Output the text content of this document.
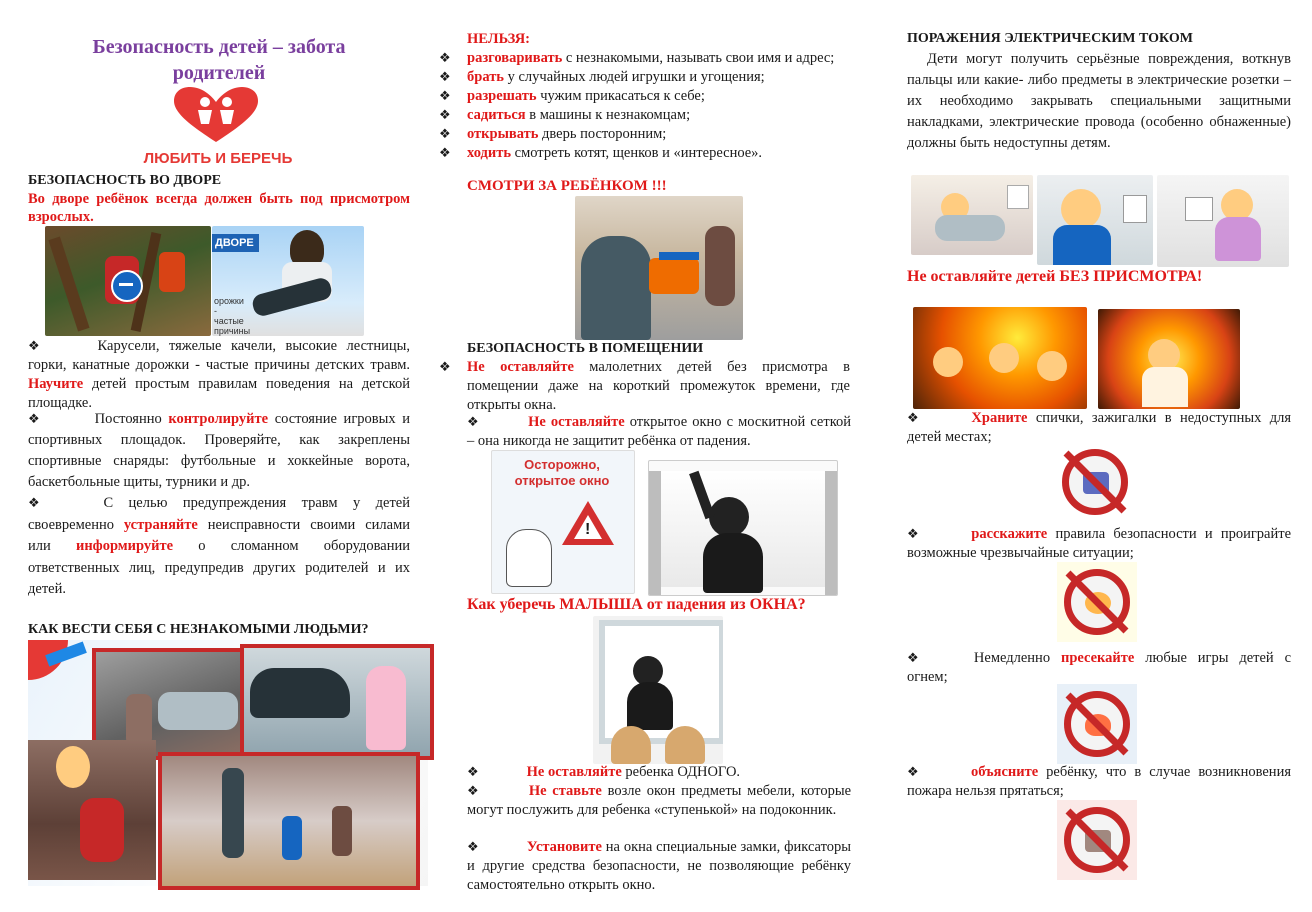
Безопасность детей – забота родителей
ЛЮБИТЬ И БЕРЕЧЬ
БЕЗОПАСНОСТЬ ВО ДВОРЕ
Во дворе ребёнок всегда должен быть под присмотром взрослых.
ДВОРЕ
орожки - частые причины
❖	Карусели, тяжелые качели, высокие лестницы, горки, канатные дорожки - частые причины детских травм. Научите детей простым правилам поведения на детской площадке.
❖	Постоянно контролируйте состояние игровых и спортивных площадок. Проверяйте, как закреплены спортивные снаряды: футбольные и хоккейные ворота, баскетбольные щиты, турники и др.
❖	С целью предупреждения травм у детей своевременно устраняйте неисправности своими силами или информируйте о сломанном оборудовании ответственных лиц, предупредив других родителей и их детей.
КАК ВЕСТИ СЕБЯ С НЕЗНАКОМЫМИ ЛЮДЬМИ?
НЕЛЬЗЯ:
❖	разговаривать с незнакомыми, называть свои имя и адрес;
❖	брать у случайных людей игрушки и угощения;
❖	разрешать чужим прикасаться к себе;
❖	садиться в машины к незнакомцам;
❖	открывать дверь посторонним;
❖	ходить смотреть котят, щенков и «интересное».
СМОТРИ ЗА РЕБЁНКОМ !!!
БЕЗОПАСНОСТЬ В ПОМЕЩЕНИИ
❖	Не оставляйте малолетних детей без присмотра в помещении даже на короткий промежуток времени, где открыты окна.
❖	Не оставляйте открытое окно с москитной сеткой – она никогда не защитит ребёнка от падения.
Осторожно, открытое окно
!
Как уберечь МАЛЫША от падения из ОКНА?
❖	Не оставляйте ребенка ОДНОГО.
❖	Не ставьте возле окон предметы мебели, которые могут послужить для ребенка «ступенькой» на подоконник.
❖	Установите на окна специальные замки, фиксаторы и другие средства безопасности, не позволяющие ребёнку самостоятельно открыть окно.
ПОРАЖЕНИЯ ЭЛЕКТРИЧЕСКИМ ТОКОМ
Дети могут получить серьёзные повреждения, воткнув пальцы или какие- либо предметы в электрические розетки – их необходимо закрывать специальными защитными накладками, электрические провода (особенно обнаженные) должны быть недоступны детям.
Не оставляйте детей БЕЗ ПРИСМОТРА!
❖	Храните спички, зажигалки в недоступных для детей местах;
❖	расскажите правила безопасности и проиграйте возможные чрезвычайные ситуации;
❖	Немедленно пресекайте любые игры детей с огнем;
❖	объясните ребёнку, что в случае возникновения пожара нельзя прятаться;
